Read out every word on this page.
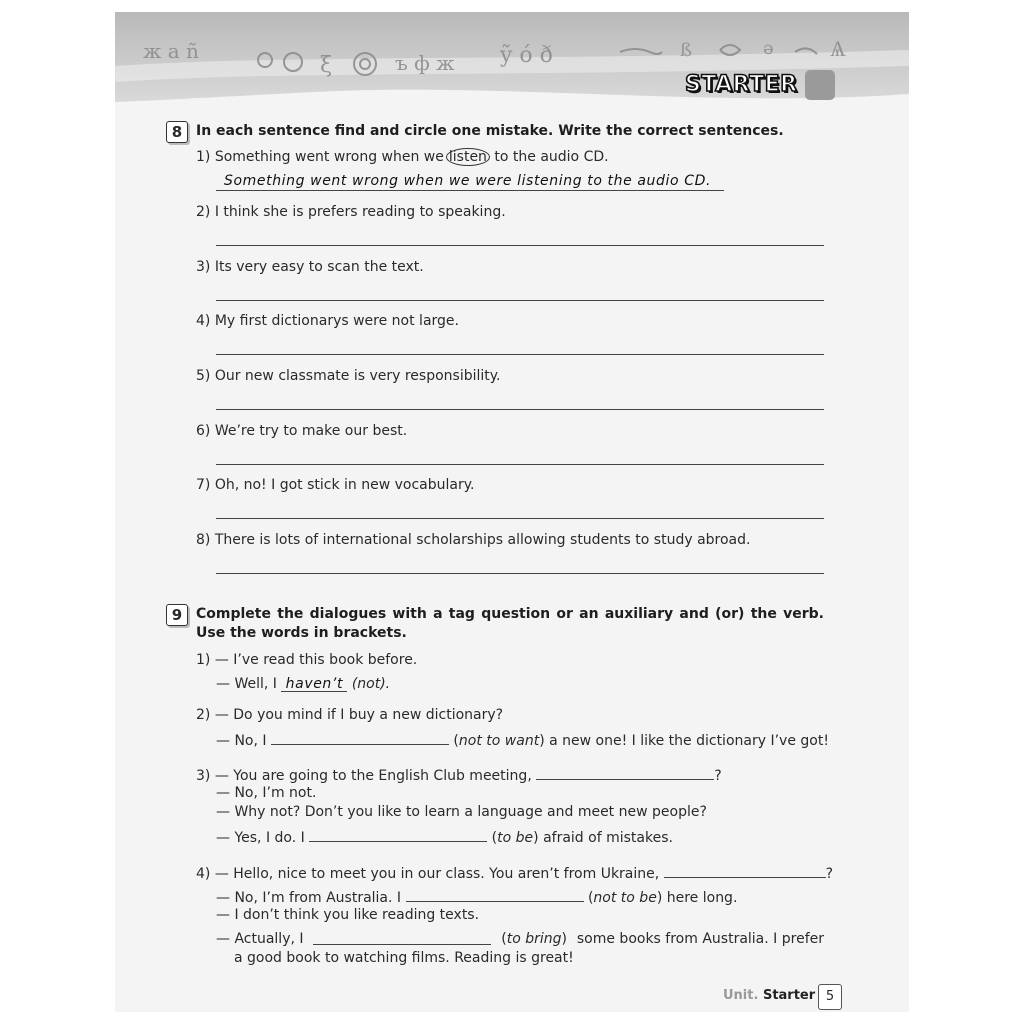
ж а ñ
ξ	ъ ф ж ỹ ó ð	ß	ә	Ѧ
STARTER
8 In each sentence find and circle one mistake. Write the correct sentences.
1) Something went wrong when we listen to the audio CD.
Something went wrong when we were listening to the audio CD.
2) I think she is prefers reading to speaking.
3) Its very easy to scan the text.
4) My first dictionarys were not large.
5) Our new classmate is very responsibility.
6) We’re try to make our best.
7) Oh, no! I got stick in new vocabulary.
8) There is lots of international scholarships allowing students to study abroad.
9 Complete the dialogues with a tag question or an auxiliary and (or) the verb. Use the words in brackets.
1) — I’ve read this book before.
— Well, I haven’t (not).
2) — Do you mind if I buy a new dictionary?
— No, I	(not to want) a new one! I like the dictionary I’ve got!
3) — You are going to the English Club meeting,	?
— No, I’m not.
— Why not? Don’t you like to learn a language and meet new people?
— Yes, I do. I	(to be) afraid of mistakes.
4) — Hello, nice to meet you in our class. You aren’t from Ukraine,	?
— No, I’m from Australia. I	(not to be) here long.
— I don’t think you like reading texts.
— Actually, I	(to bring) some books from Australia. I prefer
a good book to watching films. Reading is great!
Unit. Starter 5
